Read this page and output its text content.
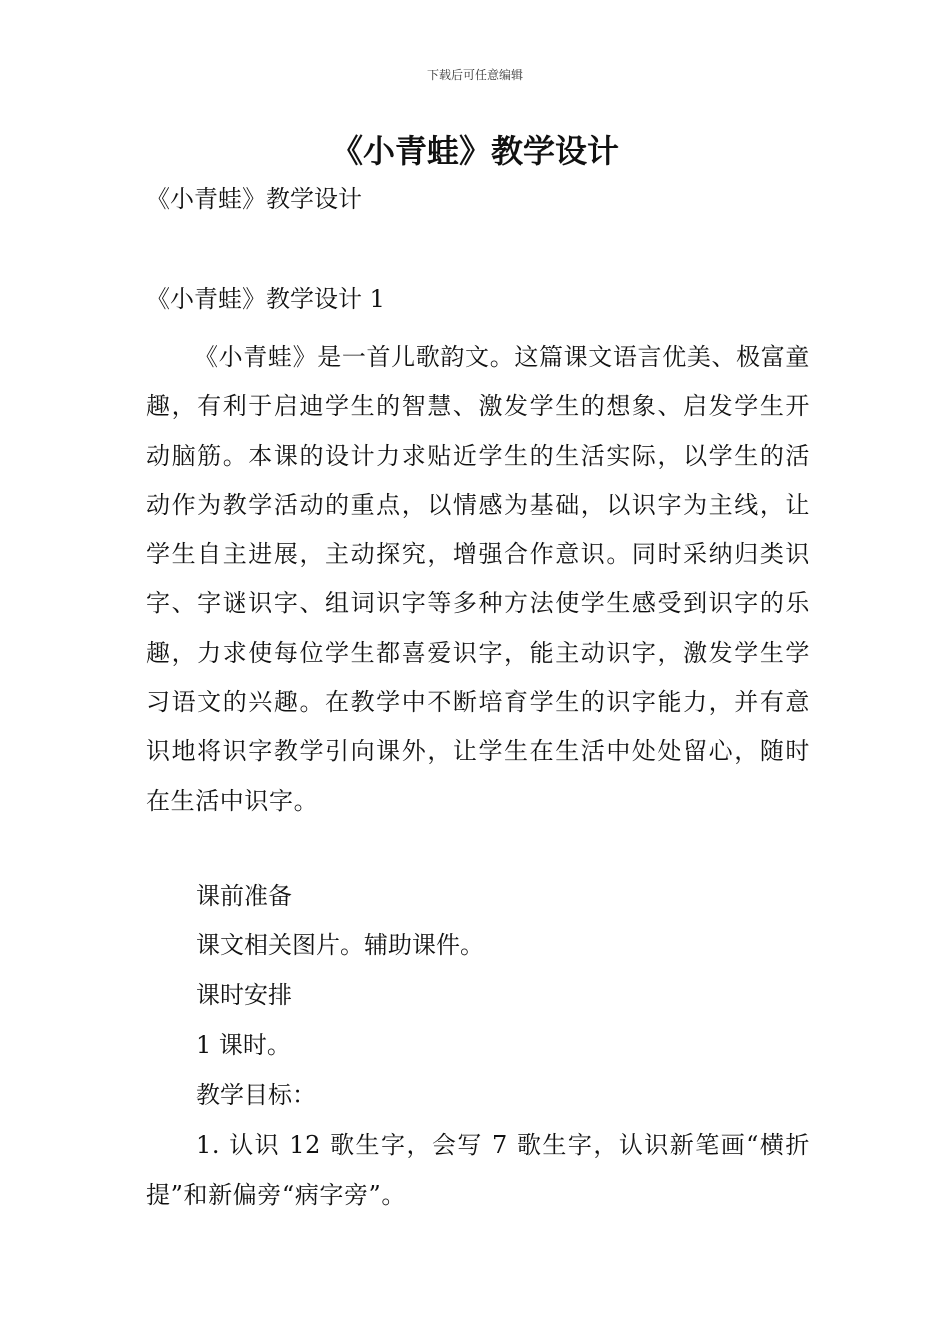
下载后可任意编辑
《小青蛙》教学设计
《小青蛙》教学设计
《小青蛙》教学设计 1

《小青蛙》是一首儿歌韵文。这篇课文语言优美、极富童趣，有利于启迪学生的智慧、激发学生的想象、启发学生开动脑筋。本课的设计力求贴近学生的生活实际，以学生的活动作为教学活动的重点，以情感为基础，以识字为主线，让学生自主进展，主动探究，增强合作意识。同时采纳归类识字、字谜识字、组词识字等多种方法使学生感受到识字的乐趣，力求使每位学生都喜爱识字，能主动识字，激发学生学习语文的兴趣。在教学中不断培育学生的识字能力，并有意识地将识字教学引向课外，让学生在生活中处处留心，随时在生活中识字。

课前准备
课文相关图片。辅助课件。
课时安排
1 课时。
教学目标：

1. 认识 12 歌生字，会写 7 歌生字，认识新笔画“横折提”和新偏旁“病字旁”。
